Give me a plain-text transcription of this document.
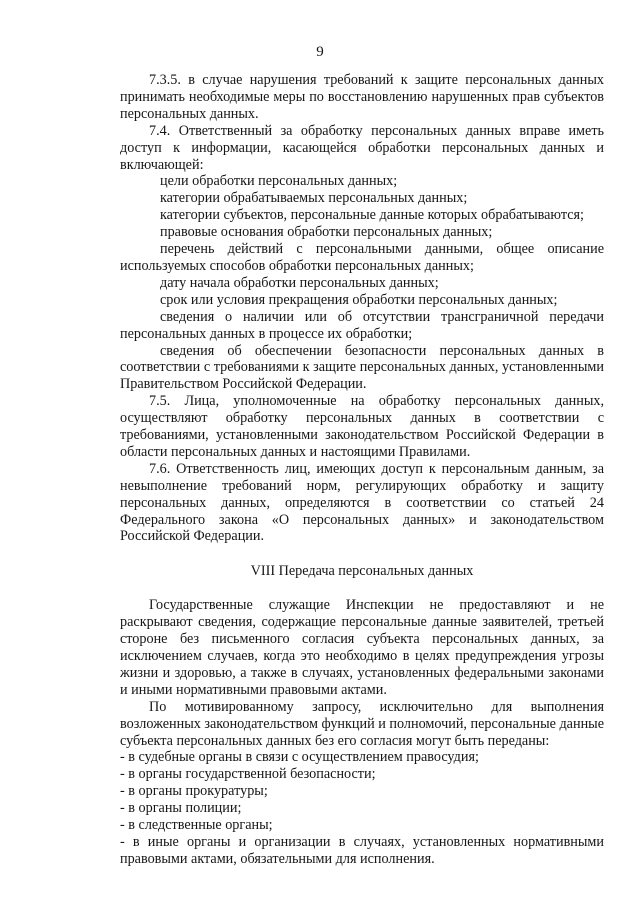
9

7.3.5. в случае нарушения требований к защите персональных данных принимать необходимые меры по восстановлению нарушенных прав субъектов персональных данных.

7.4. Ответственный за обработку персональных данных вправе иметь доступ к информации, касающейся обработки персональных данных и включающей:

цели обработки персональных данных;

категории обрабатываемых персональных данных;

категории субъектов, персональные данные которых обрабатываются;

правовые основания обработки персональных данных;

перечень действий с персональными данными, общее описание используемых способов обработки персональных данных;

дату начала обработки персональных данных;

срок или условия прекращения обработки персональных данных;

сведения о наличии или об отсутствии трансграничной передачи персональных данных в процессе их обработки;

сведения об обеспечении безопасности персональных данных в соответствии с требованиями к защите персональных данных, установленными Правительством Российской Федерации.

7.5. Лица, уполномоченные на обработку персональных данных, осуществляют обработку персональных данных в соответствии с требованиями, установленными законодательством Российской Федерации в области персональных данных и настоящими Правилами.

7.6. Ответственность лиц, имеющих доступ к персональным данным, за невыполнение требований норм, регулирующих обработку и защиту персональных данных, определяются в соответствии со статьей 24 Федерального закона «О персональных данных» и законодательством Российской Федерации.

VIII Передача персональных данных

Государственные служащие Инспекции не предоставляют и не раскрывают сведения, содержащие персональные данные заявителей, третьей стороне без письменного согласия субъекта персональных данных, за исключением случаев, когда это необходимо в целях предупреждения угрозы жизни и здоровью, а также в случаях, установленных федеральными законами и иными нормативными правовыми актами.

По мотивированному запросу, исключительно для выполнения возложенных законодательством функций и полномочий, персональные данные субъекта персональных данных без его согласия могут быть переданы:

- в судебные органы в связи с осуществлением правосудия;

- в органы государственной безопасности;

- в органы прокуратуры;

- в органы полиции;

- в следственные органы;

- в иные органы и организации в случаях, установленных нормативными правовыми актами, обязательными для исполнения.
